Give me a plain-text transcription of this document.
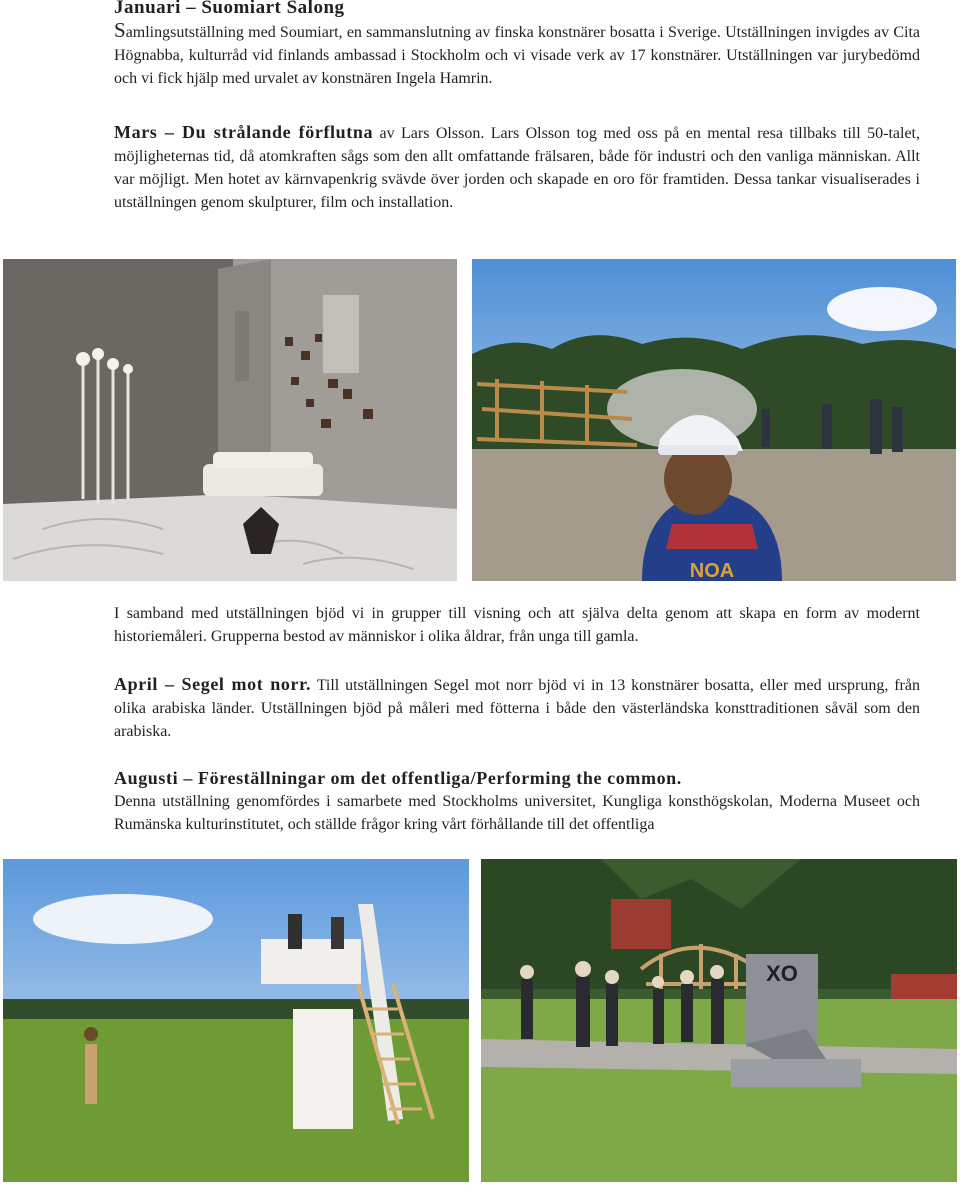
Januari – Suomiart Salong

Samlingsutställning med Soumiart, en sammanslutning av finska konstnärer bosatta i Sverige. Utställningen invigdes av Cita Högnabba, kulturråd vid finlands ambassad i Stockholm och vi visade verk av 17 konstnärer. Utställningen var jurybedömd och vi fick hjälp med urvalet av konstnären Ingela Hamrin.

Mars – Du strålande förflutna av Lars Olsson. Lars Olsson tog med oss på en mental resa tillbaks till 50-talet, möjligheternas tid, då atomkraften sågs som den allt omfattande frälsaren, både för industri och den vanliga människan. Allt var möjligt. Men hotet av kärnvapenkrig svävde över jorden och skapade en oro för framtiden. Dessa tankar visualiserades i utställningen genom skulpturer, film och installation.

NOA

I samband med utställningen bjöd vi in grupper till visning och att själva delta genom att skapa en form av modernt historiemåleri. Grupperna bestod av människor i olika åldrar, från unga till gamla.

April – Segel mot norr. Till utställningen Segel mot norr bjöd vi in 13 konstnärer bosatta, eller med ursprung, från olika arabiska länder. Utställningen bjöd på måleri med fötterna i både den västerländska konsttraditionen såväl som den arabiska.

Augusti – Föreställningar om det offentliga/Performing the common.

Denna utställning genomfördes i samarbete med Stockholms universitet, Kungliga konsthögskolan, Moderna Museet och Rumänska kulturinstitutet, och ställde frågor kring vårt förhållande till det offentliga

XO
